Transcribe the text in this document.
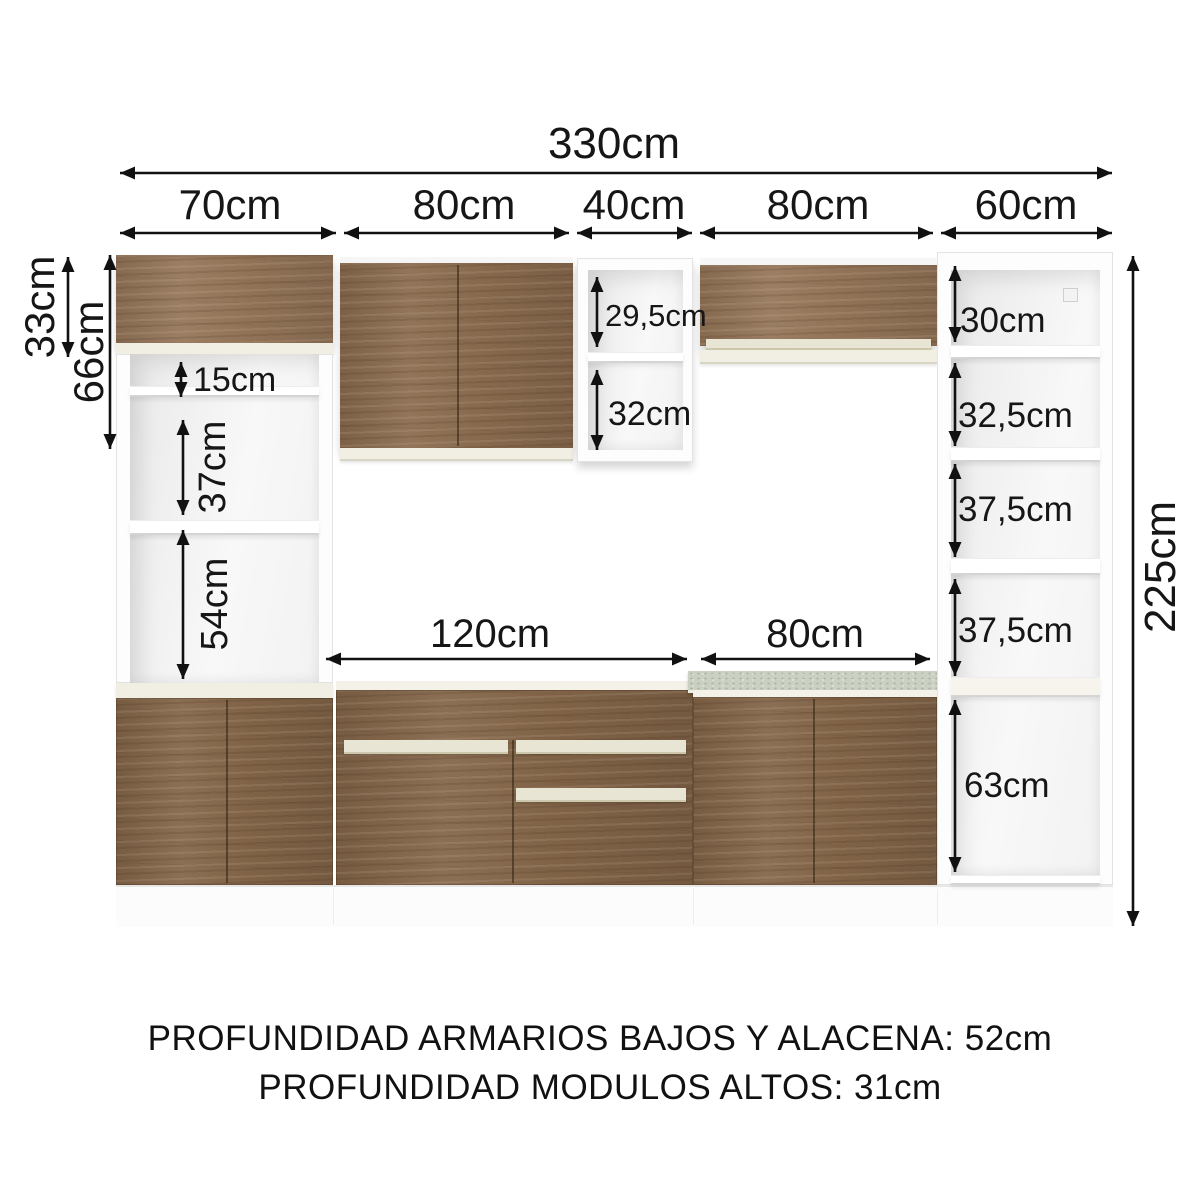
330cm
70cm	80cm 40cm 80cm	60cm
33cm 66cm 15cm
37cm
54cm
29,5cm
32cm
120cm	80cm
30cm
32,5cm
37,5cm
37,5cm
63cm
225cm
PROFUNDIDAD ARMARIOS BAJOS Y ALACENA: 52cm
PROFUNDIDAD MODULOS ALTOS: 31cm
